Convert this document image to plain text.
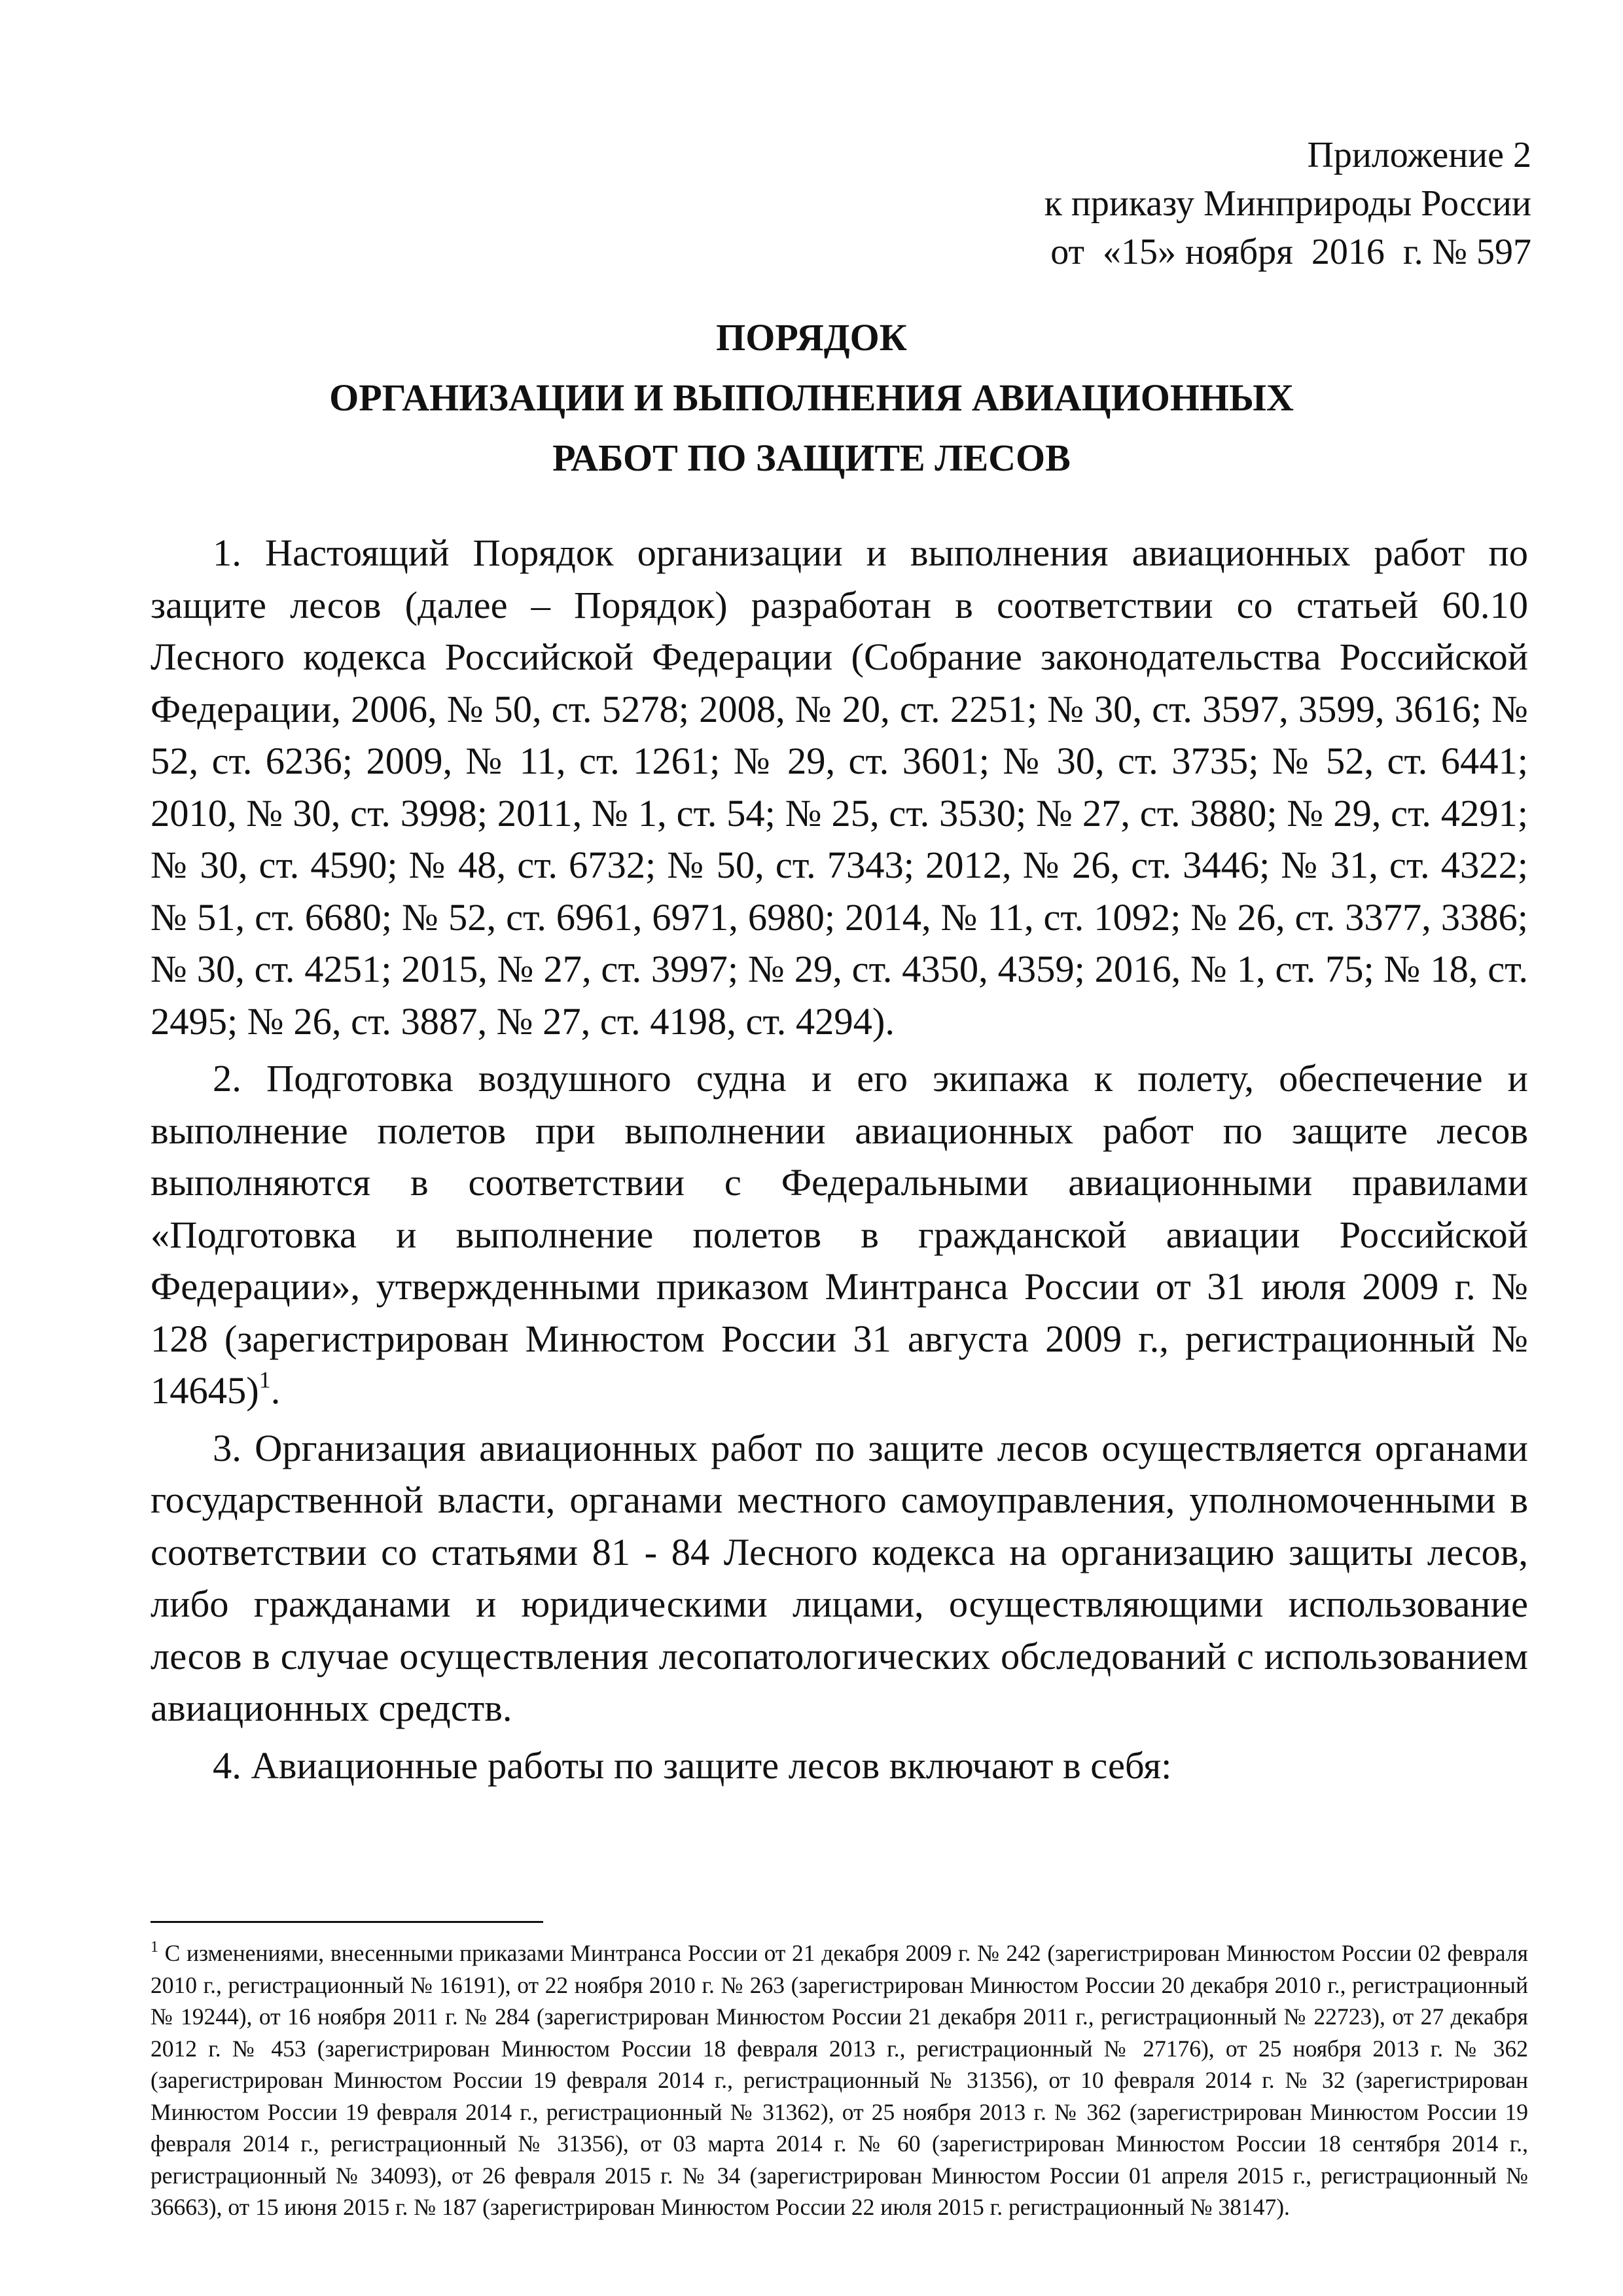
Приложение 2
к приказу Минприроды России
от  «15» ноября  2016  г. № 597
ПОРЯДОК
ОРГАНИЗАЦИИ И ВЫПОЛНЕНИЯ АВИАЦИОННЫХ
РАБОТ ПО ЗАЩИТЕ ЛЕСОВ

1. Настоящий Порядок организации и выполнения авиационных работ по защите лесов (далее – Порядок) разработан в соответствии со статьей 60.10 Лесного кодекса Российской Федерации (Собрание законодательства Российской Федерации, 2006, № 50, ст. 5278; 2008, № 20, ст. 2251; № 30, ст. 3597, 3599, 3616; № 52, ст. 6236; 2009, № 11, ст. 1261; № 29, ст. 3601; № 30, ст. 3735; № 52, ст. 6441; 2010, № 30, ст. 3998; 2011, № 1, ст. 54; № 25, ст. 3530; № 27, ст. 3880; № 29, ст. 4291; № 30, ст. 4590; № 48, ст. 6732; № 50, ст. 7343; 2012, № 26, ст. 3446; № 31, ст. 4322; № 51, ст. 6680; № 52, ст. 6961, 6971, 6980; 2014, № 11, ст. 1092; № 26, ст. 3377, 3386; № 30, ст. 4251; 2015, № 27, ст. 3997; № 29, ст. 4350, 4359; 2016, № 1, ст. 75; № 18, ст. 2495; № 26, ст. 3887, № 27, ст. 4198, ст. 4294).

2. Подготовка воздушного судна и его экипажа к полету, обеспечение и выполнение полетов при выполнении авиационных работ по защите лесов выполняются в соответствии с Федеральными авиационными правилами «Подготовка и выполнение полетов в гражданской авиации Российской Федерации», утвержденными приказом Минтранса России от 31 июля 2009 г. № 128 (зарегистрирован Минюстом России 31 августа 2009 г., регистрационный № 14645)$^1$.

3. Организация авиационных работ по защите лесов осуществляется органами государственной власти, органами местного самоуправления, уполномоченными в соответствии со статьями 81 - 84 Лесного кодекса на организацию защиты лесов, либо гражданами и юридическими лицами, осуществляющими использование лесов в случае осуществления лесопатологических обследований с использованием авиационных средств.

4. Авиационные работы по защите лесов включают в себя:

$^1$ С изменениями, внесенными приказами Минтранса России от 21 декабря 2009 г. № 242 (зарегистрирован Минюстом России 02 февраля 2010 г., регистрационный № 16191), от 22 ноября 2010 г. № 263 (зарегистрирован Минюстом России 20 декабря 2010 г., регистрационный № 19244), от 16 ноября 2011 г. № 284 (зарегистрирован Минюстом России 21 декабря 2011 г., регистрационный № 22723), от 27 декабря 2012 г. № 453 (зарегистрирован Минюстом России 18 февраля 2013 г., регистрационный № 27176), от 25 ноября 2013 г. № 362 (зарегистрирован Минюстом России 19 февраля 2014 г., регистрационный № 31356), от 10 февраля 2014 г. № 32 (зарегистрирован Минюстом России 19 февраля 2014 г., регистрационный № 31362), от 25 ноября 2013 г. № 362 (зарегистрирован Минюстом России 19 февраля 2014 г., регистрационный № 31356), от 03 марта 2014 г. № 60 (зарегистрирован Минюстом России 18 сентября 2014 г., регистрационный № 34093), от 26 февраля 2015 г. № 34 (зарегистрирован Минюстом России 01 апреля 2015 г., регистрационный № 36663), от 15 июня 2015 г. № 187 (зарегистрирован Минюстом России 22 июля 2015 г. регистрационный № 38147).
